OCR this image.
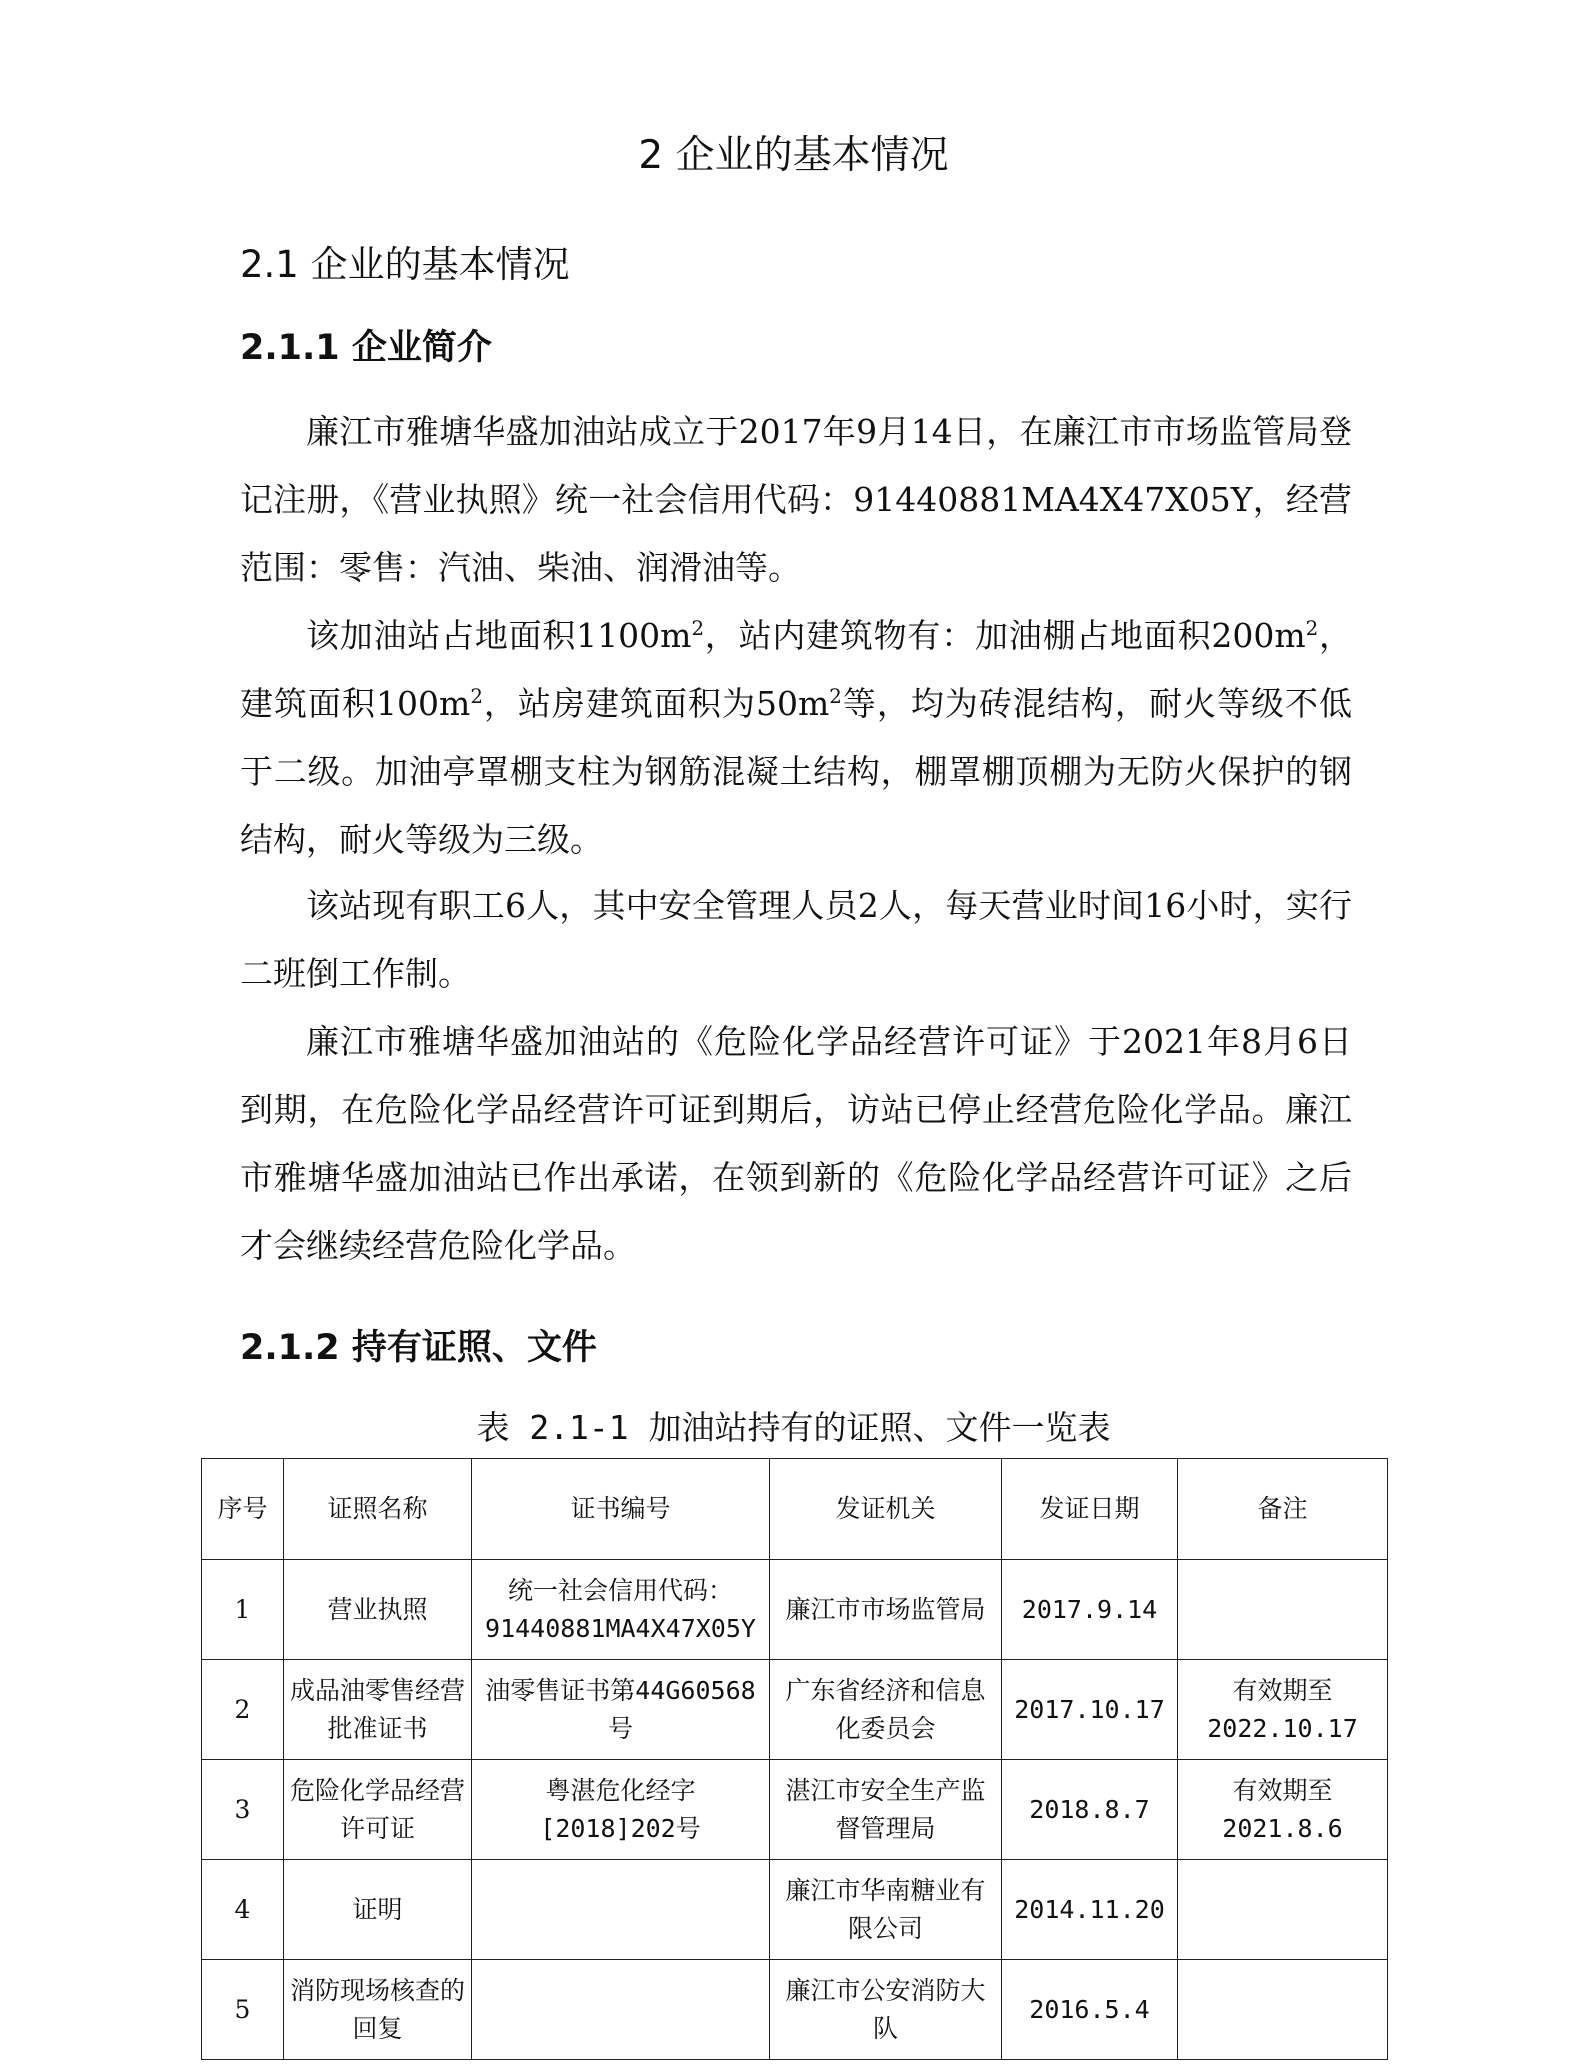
2 企业的基本情况
2.1 企业的基本情况
2.1.1 企业简介
廉江市雅塘华盛加油站成立于2017年9月14日，在廉江市市场监管局登记注册，《营业执照》统一社会信用代码：91440881MA4X47X05Y，经营范围：零售：汽油、柴油、润滑油等。
该加油站占地面积$1100m^2$，站内建筑物有：加油棚占地面积$200m^2$，建筑面积$100m^2$，站房建筑面积为$50m^2$等，均为砖混结构，耐火等级不低于二级。加油亭罩棚支柱为钢筋混凝土结构，棚罩棚顶棚为无防火保护的钢结构，耐火等级为三级。
该站现有职工6人，其中安全管理人员2人，每天营业时间16小时，实行二班倒工作制。
廉江市雅塘华盛加油站的《危险化学品经营许可证》于2021年8月6日到期，在危险化学品经营许可证到期后，访站已停止经营危险化学品。廉江市雅塘华盛加油站已作出承诺，在领到新的《危险化学品经营许可证》之后才会继续经营危险化学品。
2.1.2 持有证照、文件
表 2.1-1 加油站持有的证照、文件一览表
序号	证照名称	证书编号	发证机关	发证日期	备注
1	营业执照	统一社会信用代码：91440881MA4X47X05Y	廉江市市场监管局	2017.9.14	
2	成品油零售经营批准证书	油零售证书第44G60568号	广东省经济和信息化委员会	2017.10.17	有效期至2022.10.17
3	危险化学品经营许可证	粤湛危化经字[2018]202号	湛江市安全生产监督管理局	2018.8.7	有效期至2021.8.6
4	证明		廉江市华南糖业有限公司	2014.11.20	
5	消防现场核查的回复		廉江市公安消防大队	2016.5.4	
